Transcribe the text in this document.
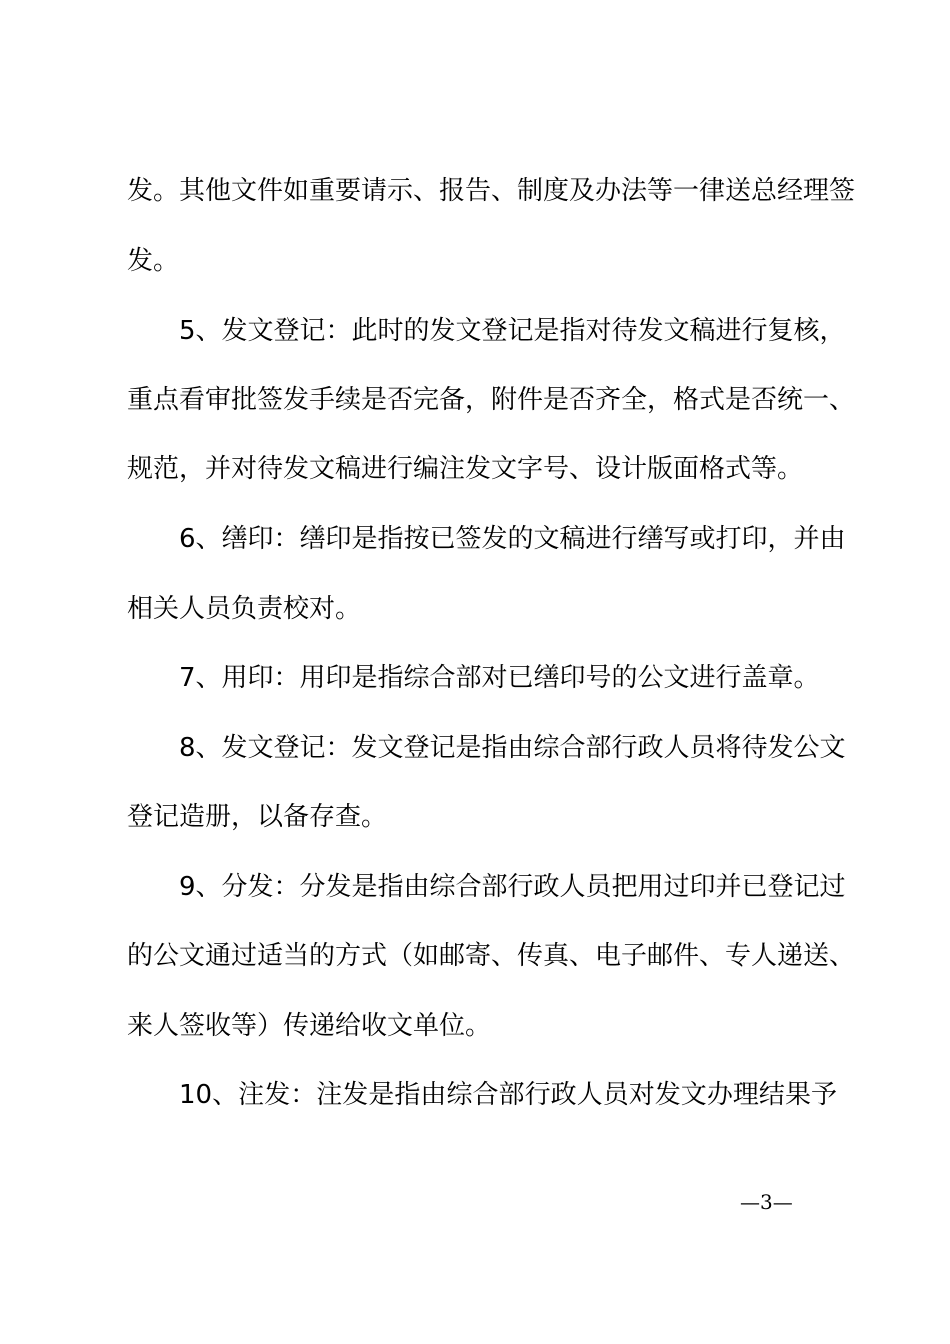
发。其他文件如重要请示、报告、制度及办法等一律送总经理签
发。
5、发文登记：此时的发文登记是指对待发文稿进行复核，
重点看审批签发手续是否完备，附件是否齐全，格式是否统一、
规范，并对待发文稿进行编注发文字号、设计版面格式等。
6、缮印：缮印是指按已签发的文稿进行缮写或打印，并由
相关人员负责校对。
7、用印：用印是指综合部对已缮印号的公文进行盖章。
8、发文登记：发文登记是指由综合部行政人员将待发公文
登记造册，以备存查。
9、分发：分发是指由综合部行政人员把用过印并已登记过
的公文通过适当的方式（如邮寄、传真、电子邮件、专人递送、
来人签收等）传递给收文单位。
10、注发：注发是指由综合部行政人员对发文办理结果予
—3—
